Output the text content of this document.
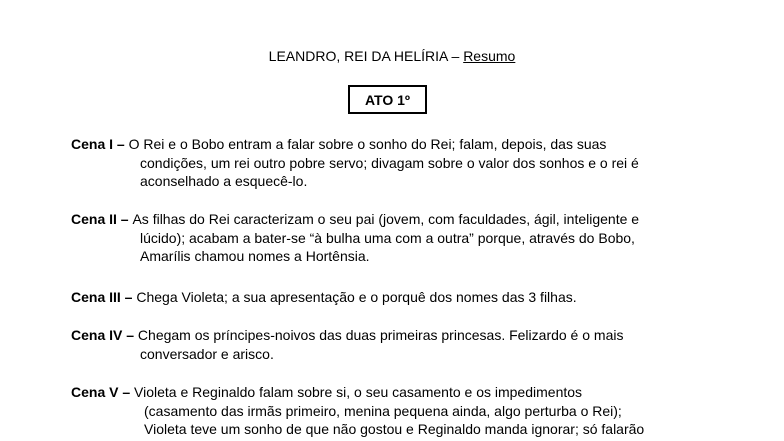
LEANDRO, REI DA HELÍRIA – Resumo
ATO 1º
Cena I – O Rei e o Bobo entram a falar sobre o sonho do Rei; falam, depois, das suas
condições, um rei outro pobre servo; divagam sobre o valor dos sonhos e o rei é
aconselhado a esquecê-lo.
Cena II – As filhas do Rei caracterizam o seu pai (jovem, com faculdades, ágil, inteligente e
lúcido); acabam a bater-se “à bulha uma com a outra” porque, através do Bobo,
Amarílis chamou nomes a Hortênsia.
Cena III – Chega Violeta; a sua apresentação e o porquê dos nomes das 3 filhas.
Cena IV – Chegam os príncipes-noivos das duas primeiras princesas. Felizardo é o mais
conversador e arisco.
Cena V – Violeta e Reginaldo falam sobre si, o seu casamento e os impedimentos
(casamento das irmãs primeiro, menina pequena ainda, algo perturba o Rei);
Violeta teve um sonho de que não gostou e Reginaldo manda ignorar; só falarão
